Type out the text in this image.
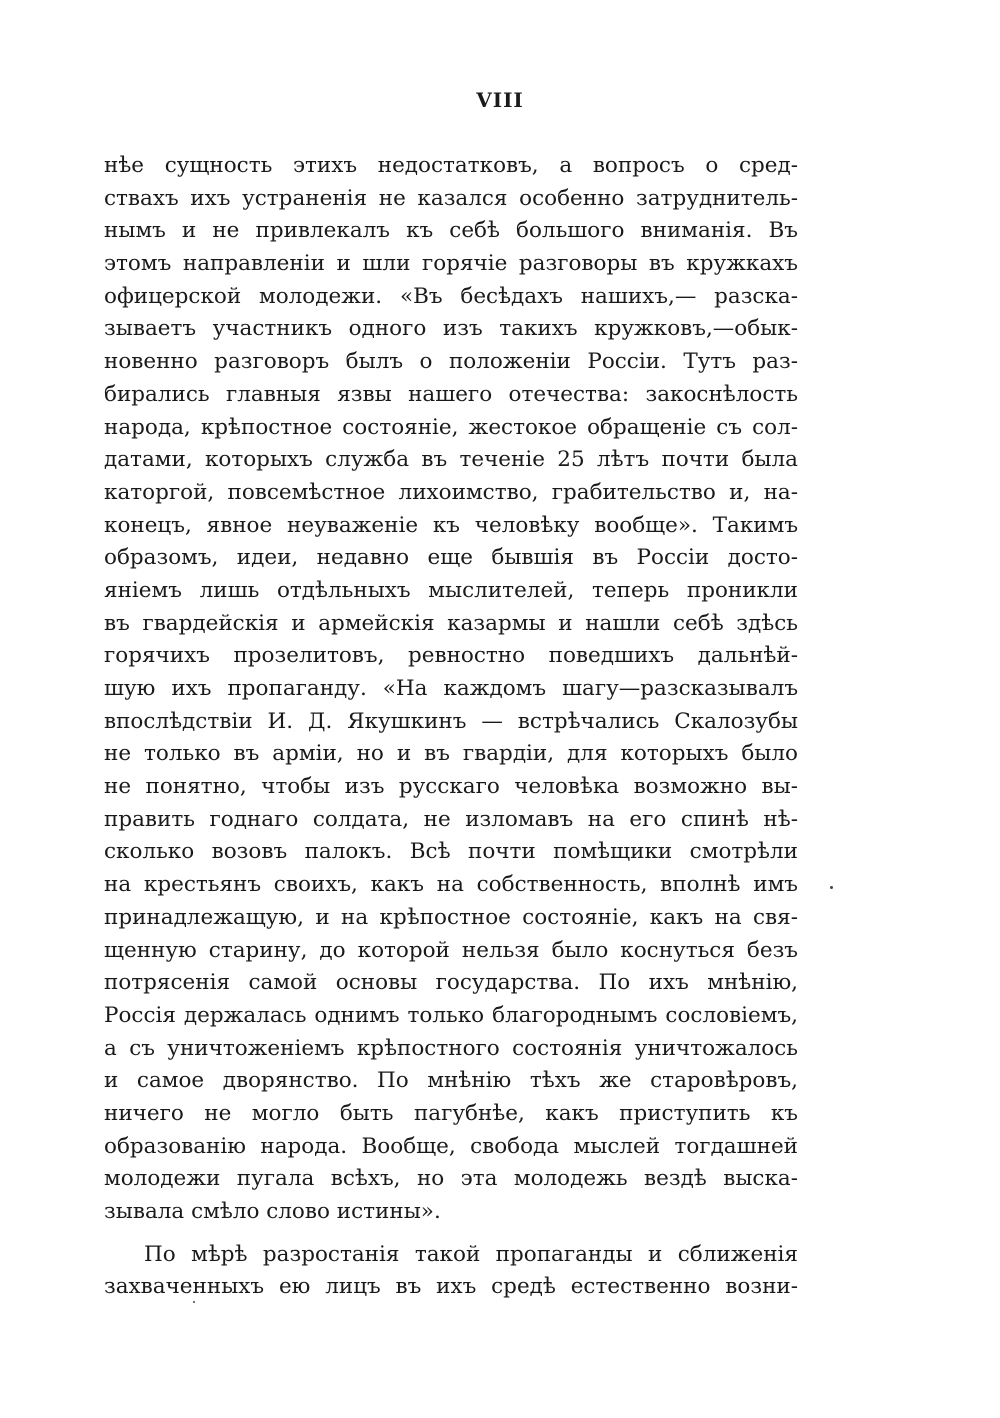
VIII
нѣе сущность этихъ недостатковъ, а вопросъ о сред-
ствахъ ихъ устраненія не казался особенно затруднитель-
нымъ и не привлекалъ къ себѣ большого вниманія. Въ
этомъ направленіи и шли горячіе разговоры въ кружкахъ
офицерской молодежи. «Въ бесѣдахъ нашихъ,— разска-
зываетъ участникъ одного изъ такихъ кружковъ,—обык-
новенно разговоръ былъ о положеніи Россіи. Тутъ раз-
бирались главныя язвы нашего отечества: закоснѣлость
народа, крѣпостное состояніе, жестокое обращеніе съ сол-
датами, которыхъ служба въ теченіе 25 лѣтъ почти была
каторгой, повсемѣстное лихоимство, грабительство и, на-
конецъ, явное неуваженіе къ человѣку вообще». Такимъ
образомъ, идеи, недавно еще бывшія въ Россіи досто-
яніемъ лишь отдѣльныхъ мыслителей, теперь проникли
въ гвардейскія и армейскія казармы и нашли себѣ здѣсь
горячихъ прозелитовъ, ревностно поведшихъ дальнѣй-
шую ихъ пропаганду. «На каждомъ шагу—разсказывалъ
впослѣдствіи И. Д. Якушкинъ — встрѣчались Скалозубы
не только въ арміи, но и въ гвардіи, для которыхъ было
не понятно, чтобы изъ русскаго человѣка возможно вы-
править годнаго солдата, не изломавъ на его спинѣ нѣ-
сколько возовъ палокъ. Всѣ почти помѣщики смотрѣли
на крестьянъ своихъ, какъ на собственность, вполнѣ имъ
принадлежащую, и на крѣпостное состояніе, какъ на свя-
щенную старину, до которой нельзя было коснуться безъ
потрясенія самой основы государства. По ихъ мнѣнію,
Россія держалась однимъ только благороднымъ сословіемъ,
а съ уничтоженіемъ крѣпостного состоянія уничтожалось
и самое дворянство. По мнѣнію тѣхъ же старовѣровъ,
ничего не могло быть пагубнѣе, какъ приступить къ
образованію народа. Вообще, свобода мыслей тогдашней
молодежи пугала всѣхъ, но эта молодежь вездѣ выска-
зывала смѣло слово истины».
По мѣрѣ разростанія такой пропаганды и сближенія
захваченныхъ ею лицъ въ ихъ средѣ естественно возни-
